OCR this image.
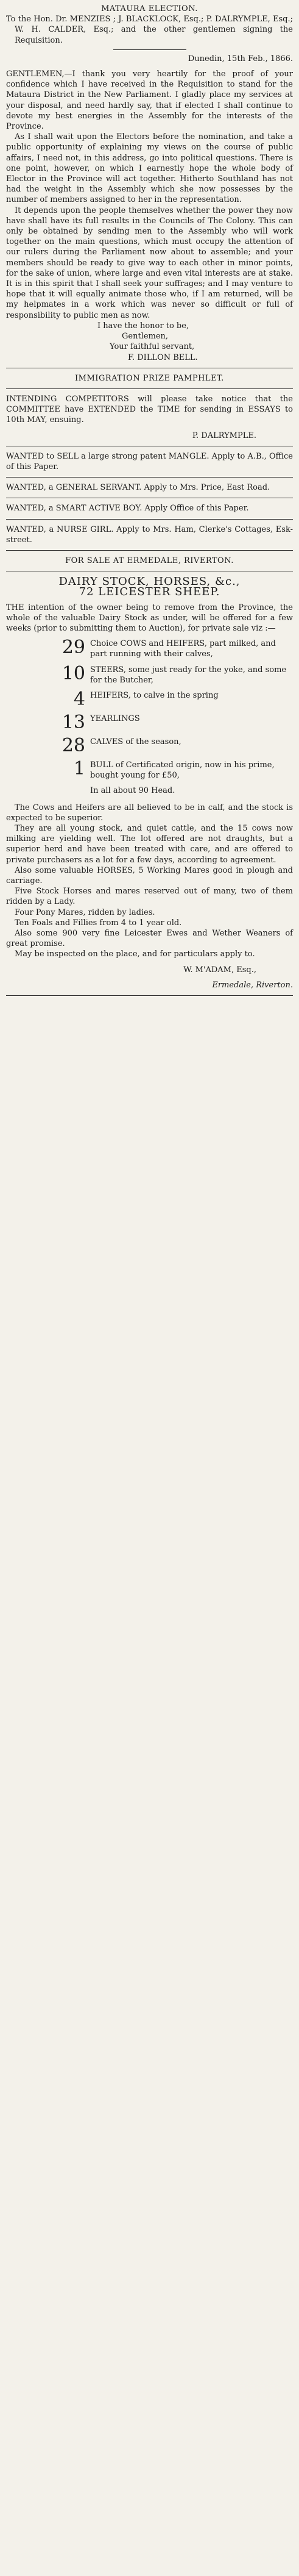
MATAURA ELECTION.
To the Hon. Dr. MENZIES ; J. BLACKLOCK, Esq.; P. DALRYMPLE, Esq.; W. H. CALDER, Esq.; and the other gentlemen signing the Requisition.
Dunedin, 15th Feb., 1866.

GENTLEMEN,—I thank you very heartily for the proof of your confidence which I have received in the Requisition to stand for the Mataura District in the New Parliament. I gladly place my services at your disposal, and need hardly say, that if elected I shall continue to devote my best energies in the Assembly for the interests of the Province.

As I shall wait upon the Electors before the nomination, and take a public opportunity of explaining my views on the course of public affairs, I need not, in this address, go into political questions. There is one point, however, on which I earnestly hope the whole body of Elector in the Province will act together. Hitherto Southland has not had the weight in the Assembly which she now possesses by the number of members assigned to her in the representation.

It depends upon the people themselves whether the power they now have shall have its full results in the Councils of The Colony. This can only be obtained by sending men to the Assembly who will work together on the main questions, which must occupy the attention of our rulers during the Parliament now about to assemble; and your members should be ready to give way to each other in minor points, for the sake of union, where large and even vital interests are at stake. It is in this spirit that I shall seek your suffrages; and I may venture to hope that it will equally animate those who, if I am returned, will be my helpmates in a work which was never so difficult or full of responsibility to public men as now.

I have the honor to be,
Gentlemen,
Your faithful servant,
F. DILLON BELL.
IMMIGRATION PRIZE PAMPHLET.
INTENDING COMPETITORS will please take notice that the COMMITTEE have EXTENDED the TIME for sending in ESSAYS to 10th MAY, ensuing.
P. DALRYMPLE.
WANTED to SELL a large strong patent MANGLE. Apply to A.B., Office of this Paper.
WANTED, a GENERAL SERVANT. Apply to Mrs. Price, East Road.
WANTED, a SMART ACTIVE BOY. Apply Office of this Paper.
WANTED, a NURSE GIRL. Apply to Mrs. Ham, Clerke's Cottages, Esk-street.
FOR SALE AT ERMEDALE, RIVERTON.
DAIRY STOCK, HORSES, &c.,
72 LEICESTER SHEEP.

THE intention of the owner being to remove from the Province, the whole of the valuable Dairy Stock as under, will be offered for a few weeks (prior to submitting them to Auction), for private sale viz :—

29 Choice COWS and HEIFERS, part milked, and part running with their calves,
10 STEERS, some just ready for the yoke, and some for the Butcher,
4 HEIFERS, to calve in the spring
13 YEARLINGS
28 CALVES of the season,
1 BULL of Certificated origin, now in his prime, bought young for £50,
In all about 90 Head.

The Cows and Heifers are all believed to be in calf, and the stock is expected to be superior.

They are all young stock, and quiet cattle, and the 15 cows now milking are yielding well. The lot offered are not draughts, but a superior herd and have been treated with care, and are offered to private purchasers as a lot for a few days, according to agreement.

Also some valuable HORSES, 5 Working Mares good in plough and carriage.

Five Stock Horses and mares reserved out of many, two of them ridden by a Lady.

Four Pony Mares, ridden by ladies.

Ten Foals and Fillies from 4 to 1 year old.

Also some 900 very fine Leicester Ewes and Wether Weaners of great promise.

May be inspected on the place, and for particulars apply to.

W. M'ADAM, Esq.,
Ermedale, Riverton.
